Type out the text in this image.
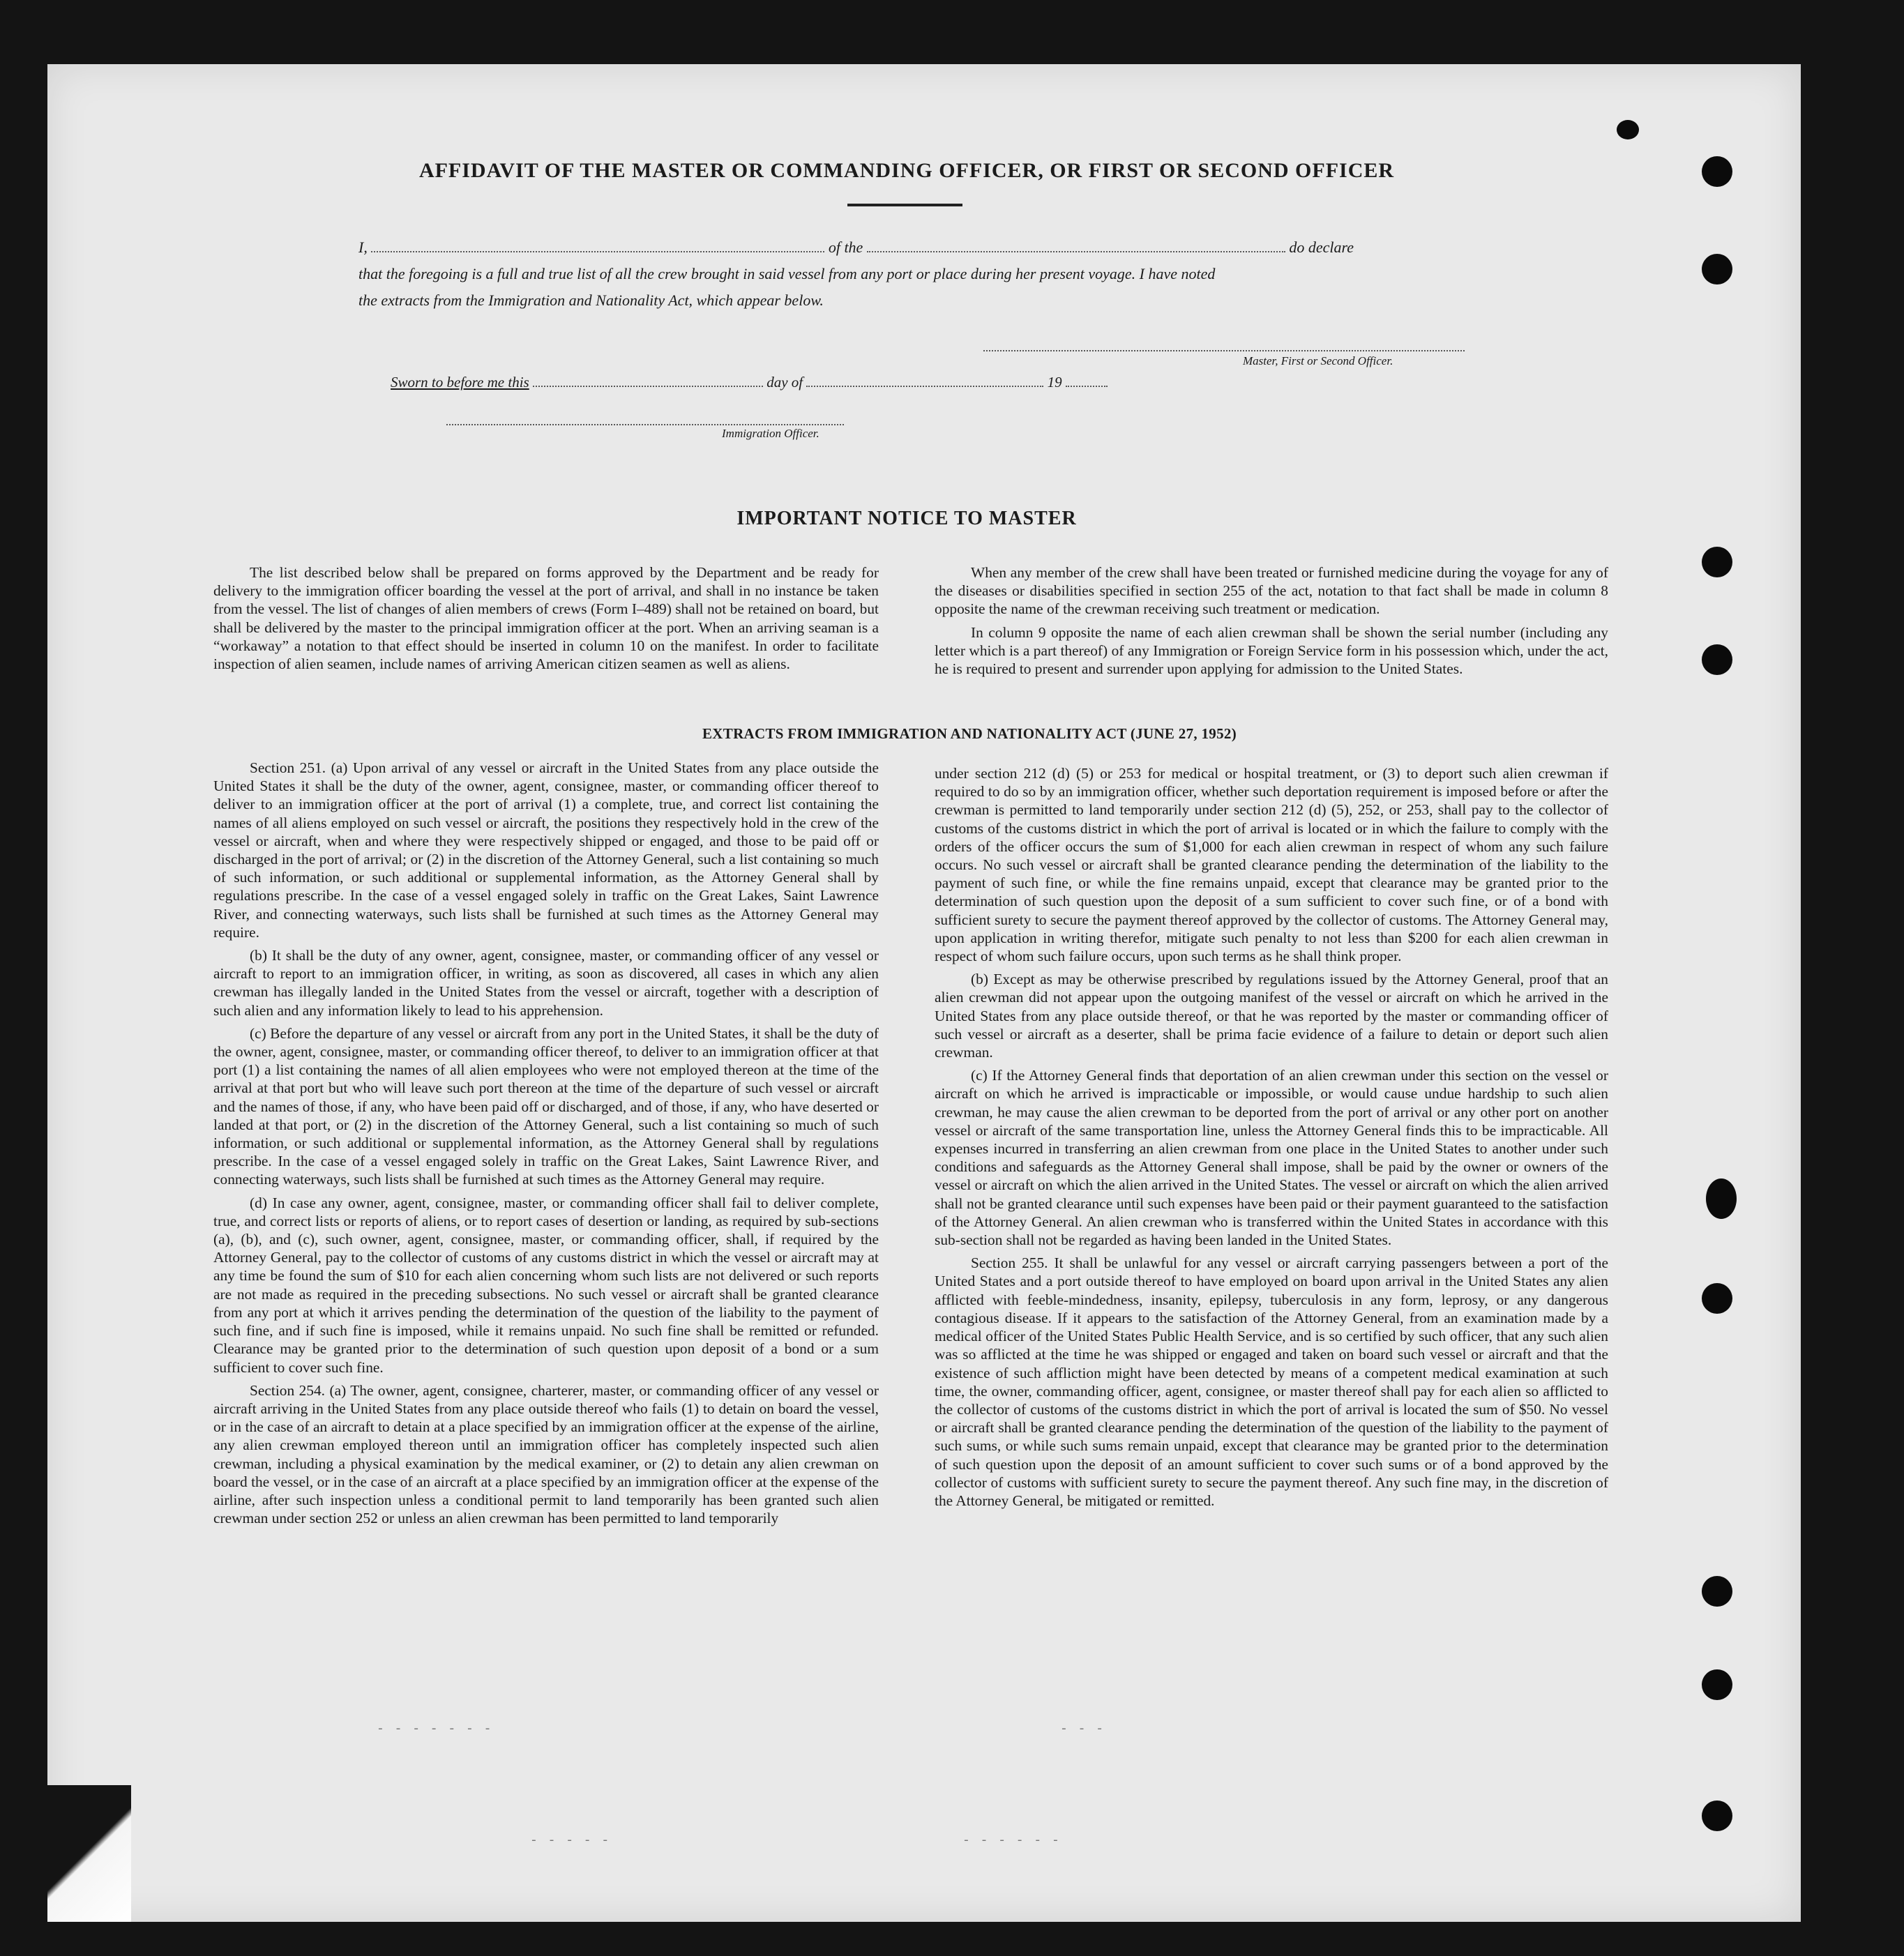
AFFIDAVIT OF THE MASTER OR COMMANDING OFFICER, OR FIRST OR SECOND OFFICER
I,	of the	do declare
that the foregoing is a full and true list of all the crew brought in said vessel from any port or place during her present voyage. I have noted
the extracts from the Immigration and Nationality Act, which appear below.
Master, First or Second Officer.
Sworn to before me this	day of	19
Immigration Officer.
IMPORTANT NOTICE TO MASTER

The list described below shall be prepared on forms approved by the Department and be ready for delivery to the immigration officer boarding the vessel at the port of arrival, and shall in no instance be taken from the vessel. The list of changes of alien members of crews (Form I–489) shall not be retained on board, but shall be delivered by the master to the principal immigration officer at the port. When an arriving seaman is a “workaway” a notation to that effect should be inserted in column 10 on the manifest. In order to facilitate inspection of alien seamen, include names of arriving American citizen seamen as well as aliens.

When any member of the crew shall have been treated or furnished medicine during the voyage for any of the diseases or disabilities specified in section 255 of the act, notation to that fact shall be made in column 8 opposite the name of the crewman receiving such treatment or medication.

In column 9 opposite the name of each alien crewman shall be shown the serial number (including any letter which is a part thereof) of any Immigration or Foreign Service form in his possession which, under the act, he is required to present and surrender upon applying for admission to the United States.

EXTRACTS FROM IMMIGRATION AND NATIONALITY ACT (JUNE 27, 1952)

Section 251. (a) Upon arrival of any vessel or aircraft in the United States from any place outside the United States it shall be the duty of the owner, agent, consignee, master, or commanding officer thereof to deliver to an immigration officer at the port of arrival (1) a complete, true, and correct list containing the names of all aliens employed on such vessel or aircraft, the positions they respectively hold in the crew of the vessel or aircraft, when and where they were respectively shipped or engaged, and those to be paid off or discharged in the port of arrival; or (2) in the discretion of the Attorney General, such a list containing so much of such information, or such additional or supplemental information, as the Attorney General shall by regulations prescribe. In the case of a vessel engaged solely in traffic on the Great Lakes, Saint Lawrence River, and connecting waterways, such lists shall be furnished at such times as the Attorney General may require.

(b) It shall be the duty of any owner, agent, consignee, master, or commanding officer of any vessel or aircraft to report to an immigration officer, in writing, as soon as discovered, all cases in which any alien crewman has illegally landed in the United States from the vessel or aircraft, together with a description of such alien and any information likely to lead to his apprehension.

(c) Before the departure of any vessel or aircraft from any port in the United States, it shall be the duty of the owner, agent, consignee, master, or commanding officer thereof, to deliver to an immigration officer at that port (1) a list containing the names of all alien employees who were not employed thereon at the time of the arrival at that port but who will leave such port thereon at the time of the departure of such vessel or aircraft and the names of those, if any, who have been paid off or discharged, and of those, if any, who have deserted or landed at that port, or (2) in the discretion of the Attorney General, such a list containing so much of such information, or such additional or supplemental information, as the Attorney General shall by regulations prescribe. In the case of a vessel engaged solely in traffic on the Great Lakes, Saint Lawrence River, and connecting waterways, such lists shall be furnished at such times as the Attorney General may require.

(d) In case any owner, agent, consignee, master, or commanding officer shall fail to deliver complete, true, and correct lists or reports of aliens, or to report cases of desertion or landing, as required by sub-sections (a), (b), and (c), such owner, agent, consignee, master, or commanding officer, shall, if required by the Attorney General, pay to the collector of customs of any customs district in which the vessel or aircraft may at any time be found the sum of $10 for each alien concerning whom such lists are not delivered or such reports are not made as required in the preceding subsections. No such vessel or aircraft shall be granted clearance from any port at which it arrives pending the determination of the question of the liability to the payment of such fine, and if such fine is imposed, while it remains unpaid. No such fine shall be remitted or refunded. Clearance may be granted prior to the determination of such question upon deposit of a bond or a sum sufficient to cover such fine.

Section 254. (a) The owner, agent, consignee, charterer, master, or commanding officer of any vessel or aircraft arriving in the United States from any place outside thereof who fails (1) to detain on board the vessel, or in the case of an aircraft to detain at a place specified by an immigration officer at the expense of the airline, any alien crewman employed thereon until an immigration officer has completely inspected such alien crewman, including a physical examination by the medical examiner, or (2) to detain any alien crewman on board the vessel, or in the case of an aircraft at a place specified by an immigration officer at the expense of the airline, after such inspection unless a conditional permit to land temporarily has been granted such alien crewman under section 252 or unless an alien crewman has been permitted to land temporarily

under section 212 (d) (5) or 253 for medical or hospital treatment, or (3) to deport such alien crewman if required to do so by an immigration officer, whether such deportation requirement is imposed before or after the crewman is permitted to land temporarily under section 212 (d) (5), 252, or 253, shall pay to the collector of customs of the customs district in which the port of arrival is located or in which the failure to comply with the orders of the officer occurs the sum of $1,000 for each alien crewman in respect of whom any such failure occurs. No such vessel or aircraft shall be granted clearance pending the determination of the liability to the payment of such fine, or while the fine remains unpaid, except that clearance may be granted prior to the determination of such question upon the deposit of a sum sufficient to cover such fine, or of a bond with sufficient surety to secure the payment thereof approved by the collector of customs. The Attorney General may, upon application in writing therefor, mitigate such penalty to not less than $200 for each alien crewman in respect of whom such failure occurs, upon such terms as he shall think proper.

(b) Except as may be otherwise prescribed by regulations issued by the Attorney General, proof that an alien crewman did not appear upon the outgoing manifest of the vessel or aircraft on which he arrived in the United States from any place outside thereof, or that he was reported by the master or commanding officer of such vessel or aircraft as a deserter, shall be prima facie evidence of a failure to detain or deport such alien crewman.

(c) If the Attorney General finds that deportation of an alien crewman under this section on the vessel or aircraft on which he arrived is impracticable or impossible, or would cause undue hardship to such alien crewman, he may cause the alien crewman to be deported from the port of arrival or any other port on another vessel or aircraft of the same transportation line, unless the Attorney General finds this to be impracticable. All expenses incurred in transferring an alien crewman from one place in the United States to another under such conditions and safeguards as the Attorney General shall impose, shall be paid by the owner or owners of the vessel or aircraft on which the alien arrived in the United States. The vessel or aircraft on which the alien arrived shall not be granted clearance until such expenses have been paid or their payment guaranteed to the satisfaction of the Attorney General. An alien crewman who is transferred within the United States in accordance with this sub-section shall not be regarded as having been landed in the United States.

Section 255. It shall be unlawful for any vessel or aircraft carrying passengers between a port of the United States and a port outside thereof to have employed on board upon arrival in the United States any alien afflicted with feeble-mindedness, insanity, epilepsy, tuberculosis in any form, leprosy, or any dangerous contagious disease. If it appears to the satisfaction of the Attorney General, from an examination made by a medical officer of the United States Public Health Service, and is so certified by such officer, that any such alien was so afflicted at the time he was shipped or engaged and taken on board such vessel or aircraft and that the existence of such affliction might have been detected by means of a competent medical examination at such time, the owner, commanding officer, agent, consignee, or master thereof shall pay for each alien so afflicted to the collector of customs of the customs district in which the port of arrival is located the sum of $50. No vessel or aircraft shall be granted clearance pending the determination of the question of the liability to the payment of such sums, or while such sums remain unpaid, except that clearance may be granted prior to the determination of such question upon the deposit of an amount sufficient to cover such sums or of a bond approved by the collector of customs with sufficient surety to secure the payment thereof. Any such fine may, in the discretion of the Attorney General, be mitigated or remitted.

- - - - - - -	- - -
- - - - -	- - - - - -
